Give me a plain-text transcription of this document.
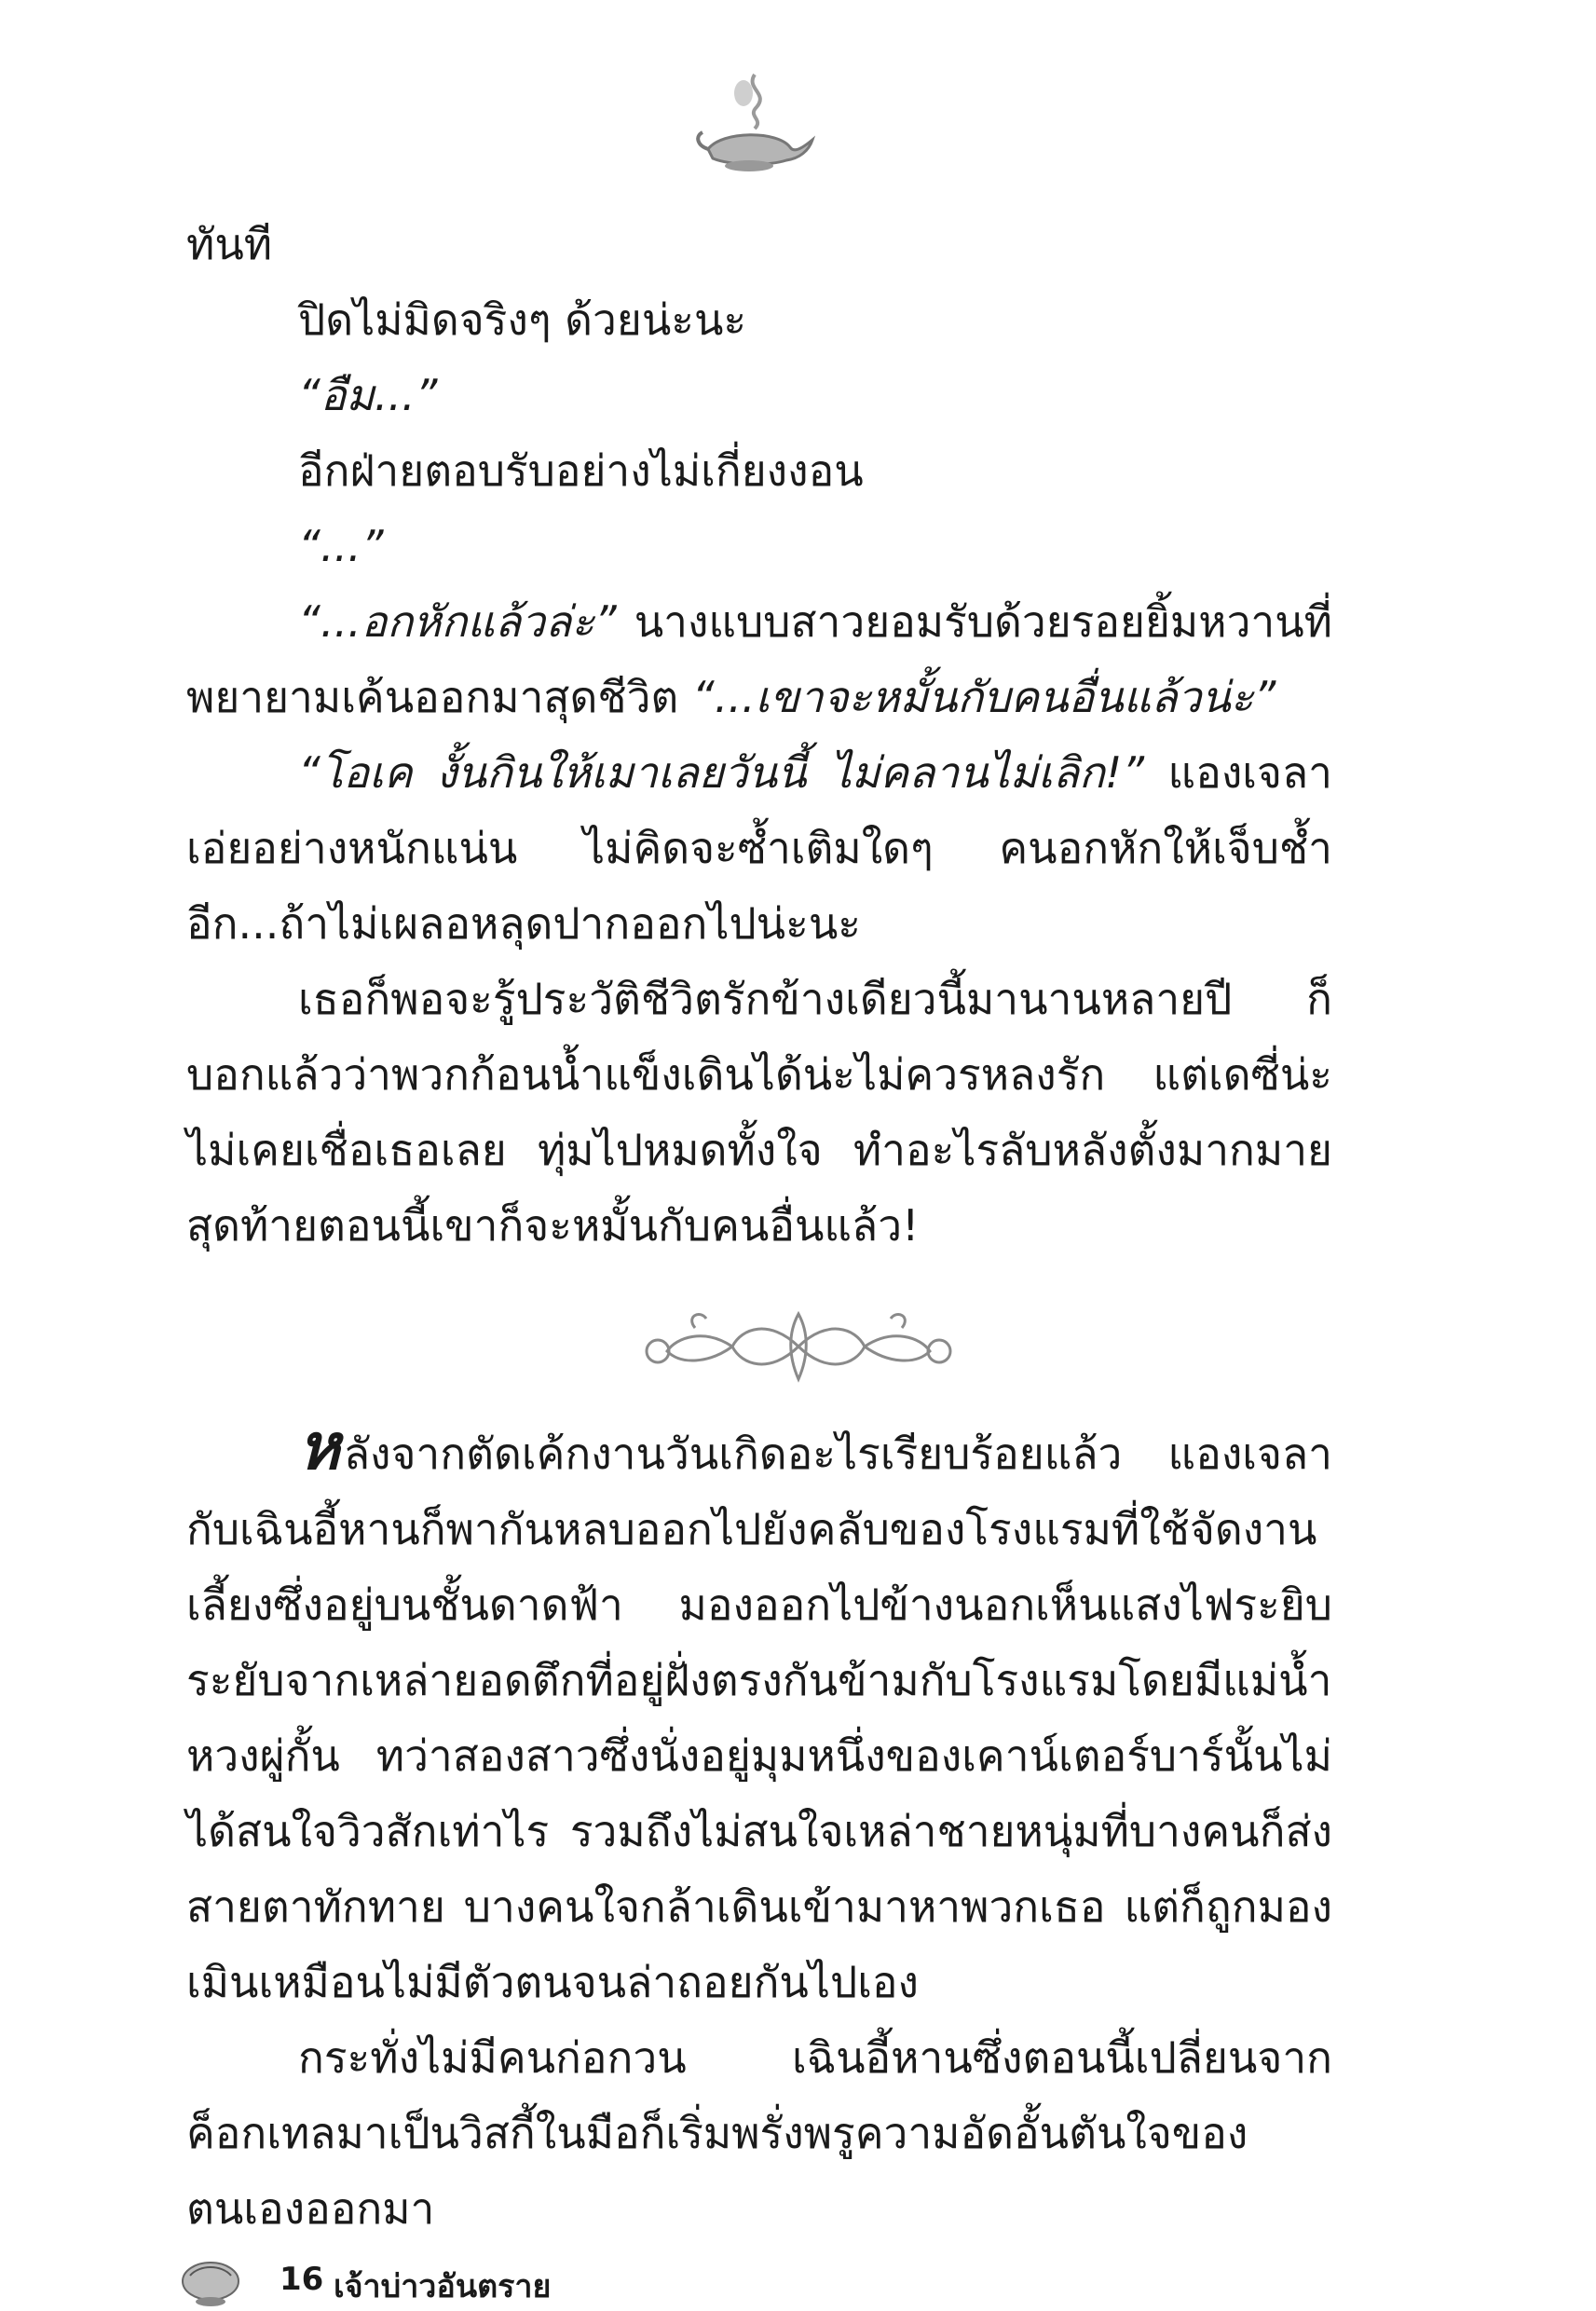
ทันที

ปิดไม่มิดจริงๆ ด้วยน่ะนะ

“อืม...”

อีกฝ่ายตอบรับอย่างไม่เกี่ยงงอน

“...”

“...อกหักแล้วล่ะ” นางแบบสาวยอมรับด้วยรอยยิ้มหวานที่พยายามเค้นออกมาสุดชีวิต “...เขาจะหมั้นกับคนอื่นแล้วน่ะ”

“โอเค งั้นกินให้เมาเลยวันนี้ ไม่คลานไม่เลิก!” แองเจลาเอ่ยอย่างหนักแน่น ไม่คิดจะซ้ำเติมใดๆ คนอกหักให้เจ็บช้ำอีก...ถ้าไม่เผลอหลุดปากออกไปน่ะนะ

เธอก็พอจะรู้ประวัติชีวิตรักข้างเดียวนี้มานานหลายปี ก็บอกแล้วว่าพวกก้อนน้ำแข็งเดินได้น่ะไม่ควรหลงรัก แต่เดซี่น่ะไม่เคยเชื่อเธอเลย ทุ่มไปหมดทั้งใจ ทำอะไรลับหลังตั้งมากมาย สุดท้ายตอนนี้เขาก็จะหมั้นกับคนอื่นแล้ว!

หลังจากตัดเค้กงานวันเกิดอะไรเรียบร้อยแล้ว แองเจลากับเฉินอี้หานก็พากันหลบออกไปยังคลับของโรงแรมที่ใช้จัดงานเลี้ยงซึ่งอยู่บนชั้นดาดฟ้า มองออกไปข้างนอกเห็นแสงไฟระยิบระยับจากเหล่ายอดตึกที่อยู่ฝั่งตรงกันข้ามกับโรงแรมโดยมีแม่น้ำหวงผู่กั้น ทว่าสองสาวซึ่งนั่งอยู่มุมหนึ่งของเคาน์เตอร์บาร์นั้นไม่ได้สนใจวิวสักเท่าไร รวมถึงไม่สนใจเหล่าชายหนุ่มที่บางคนก็ส่งสายตาทักทาย บางคนใจกล้าเดินเข้ามาหาพวกเธอ แต่ก็ถูกมองเมินเหมือนไม่มีตัวตนจนล่าถอยกันไปเอง

กระทั่งไม่มีคนก่อกวน เฉินอี้หานซึ่งตอนนี้เปลี่ยนจากค็อกเทลมาเป็นวิสกี้ในมือก็เริ่มพรั่งพรูความอัดอั้นตันใจของตนเองออกมา

16 เจ้าบ่าวอันตราย
